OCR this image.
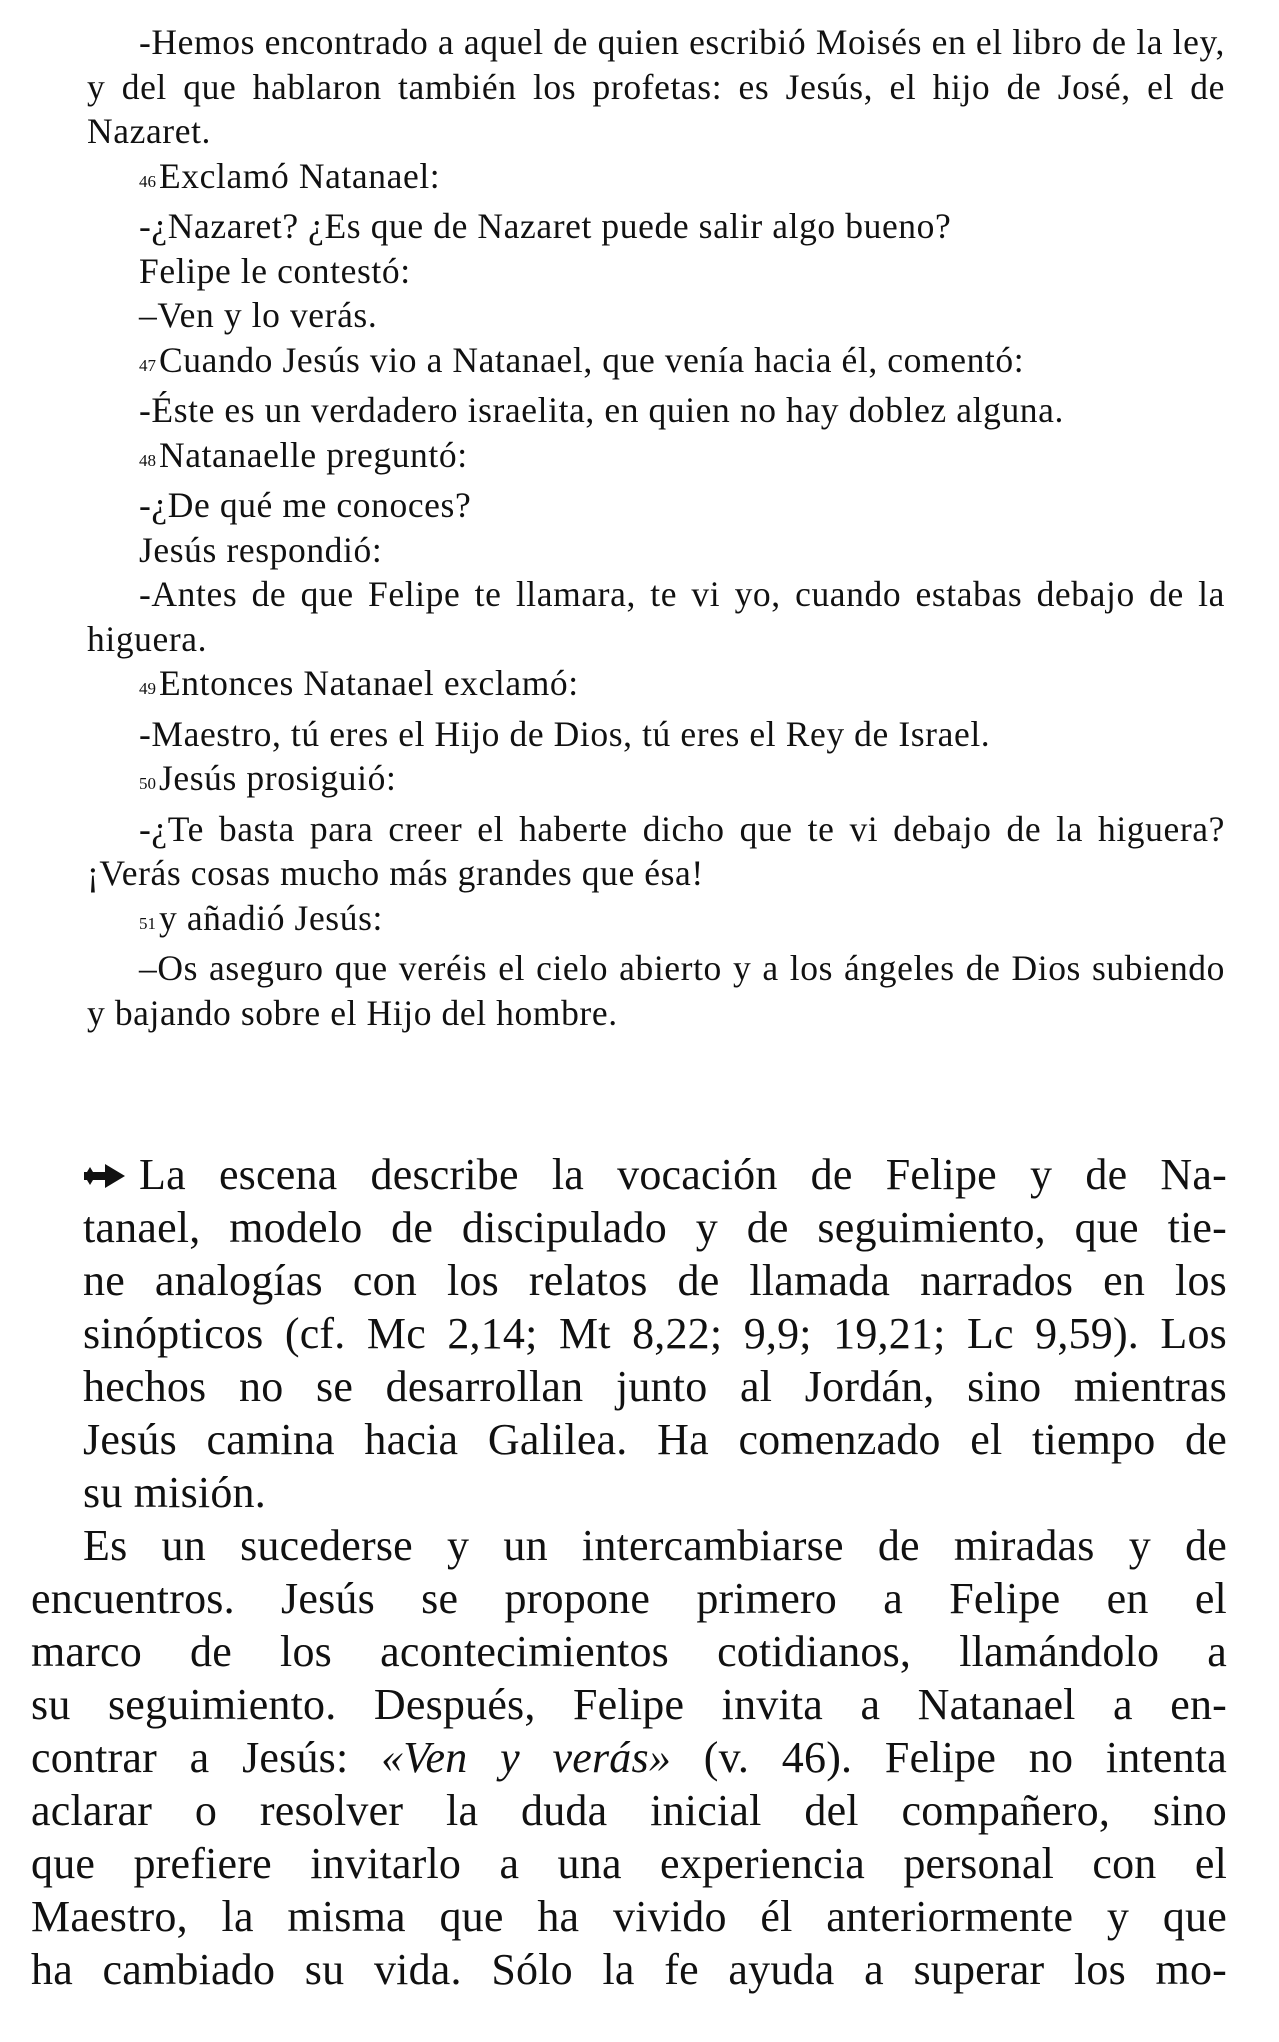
-Hemos encontrado a aquel de quien escribió Moisés en el libro de la ley, y del que hablaron también los profetas: es Jesús, el hijo de José, el de Nazaret.

46Exclamó Natanael:

-¿Nazaret? ¿Es que de Nazaret puede salir algo bueno?

Felipe le contestó:

–Ven y lo verás.

47Cuando Jesús vio a Natanael, que venía hacia él, comentó:

-Éste es un verdadero israelita, en quien no hay doblez alguna.

48Natanaelle preguntó:

-¿De qué me conoces?

Jesús respondió:

-Antes de que Felipe te llamara, te vi yo, cuando estabas debajo de la higuera.

49Entonces Natanael exclamó:

-Maestro, tú eres el Hijo de Dios, tú eres el Rey de Israel.

50Jesús prosiguió:

-¿Te basta para creer el haberte dicho que te vi debajo de la higuera? ¡Verás cosas mucho más grandes que ésa!

51y añadió Jesús:

–Os aseguro que veréis el cielo abierto y a los ángeles de Dios subiendo y bajando sobre el Hijo del hombre.

La escena describe la vocación de Felipe y de Na-
tanael, modelo de discipulado y de seguimiento, que tie-
ne analogías con los relatos de llamada narrados en los
sinópticos (cf. Mc 2,14; Mt 8,22; 9,9; 19,21; Lc 9,59). Los
hechos no se desarrollan junto al Jordán, sino mientras
Jesús camina hacia Galilea. Ha comenzado el tiempo de
su misión.

Es un sucederse y un intercambiarse de miradas y de
encuentros. Jesús se propone primero a Felipe en el
marco de los acontecimientos cotidianos, llamándolo a
su seguimiento. Después, Felipe invita a Natanael a en-
contrar a Jesús: «Ven y verás» (v. 46). Felipe no intenta
aclarar o resolver la duda inicial del compañero, sino
que prefiere invitarlo a una experiencia personal con el
Maestro, la misma que ha vivido él anteriormente y que
ha cambiado su vida. Sólo la fe ayuda a superar los mo-
